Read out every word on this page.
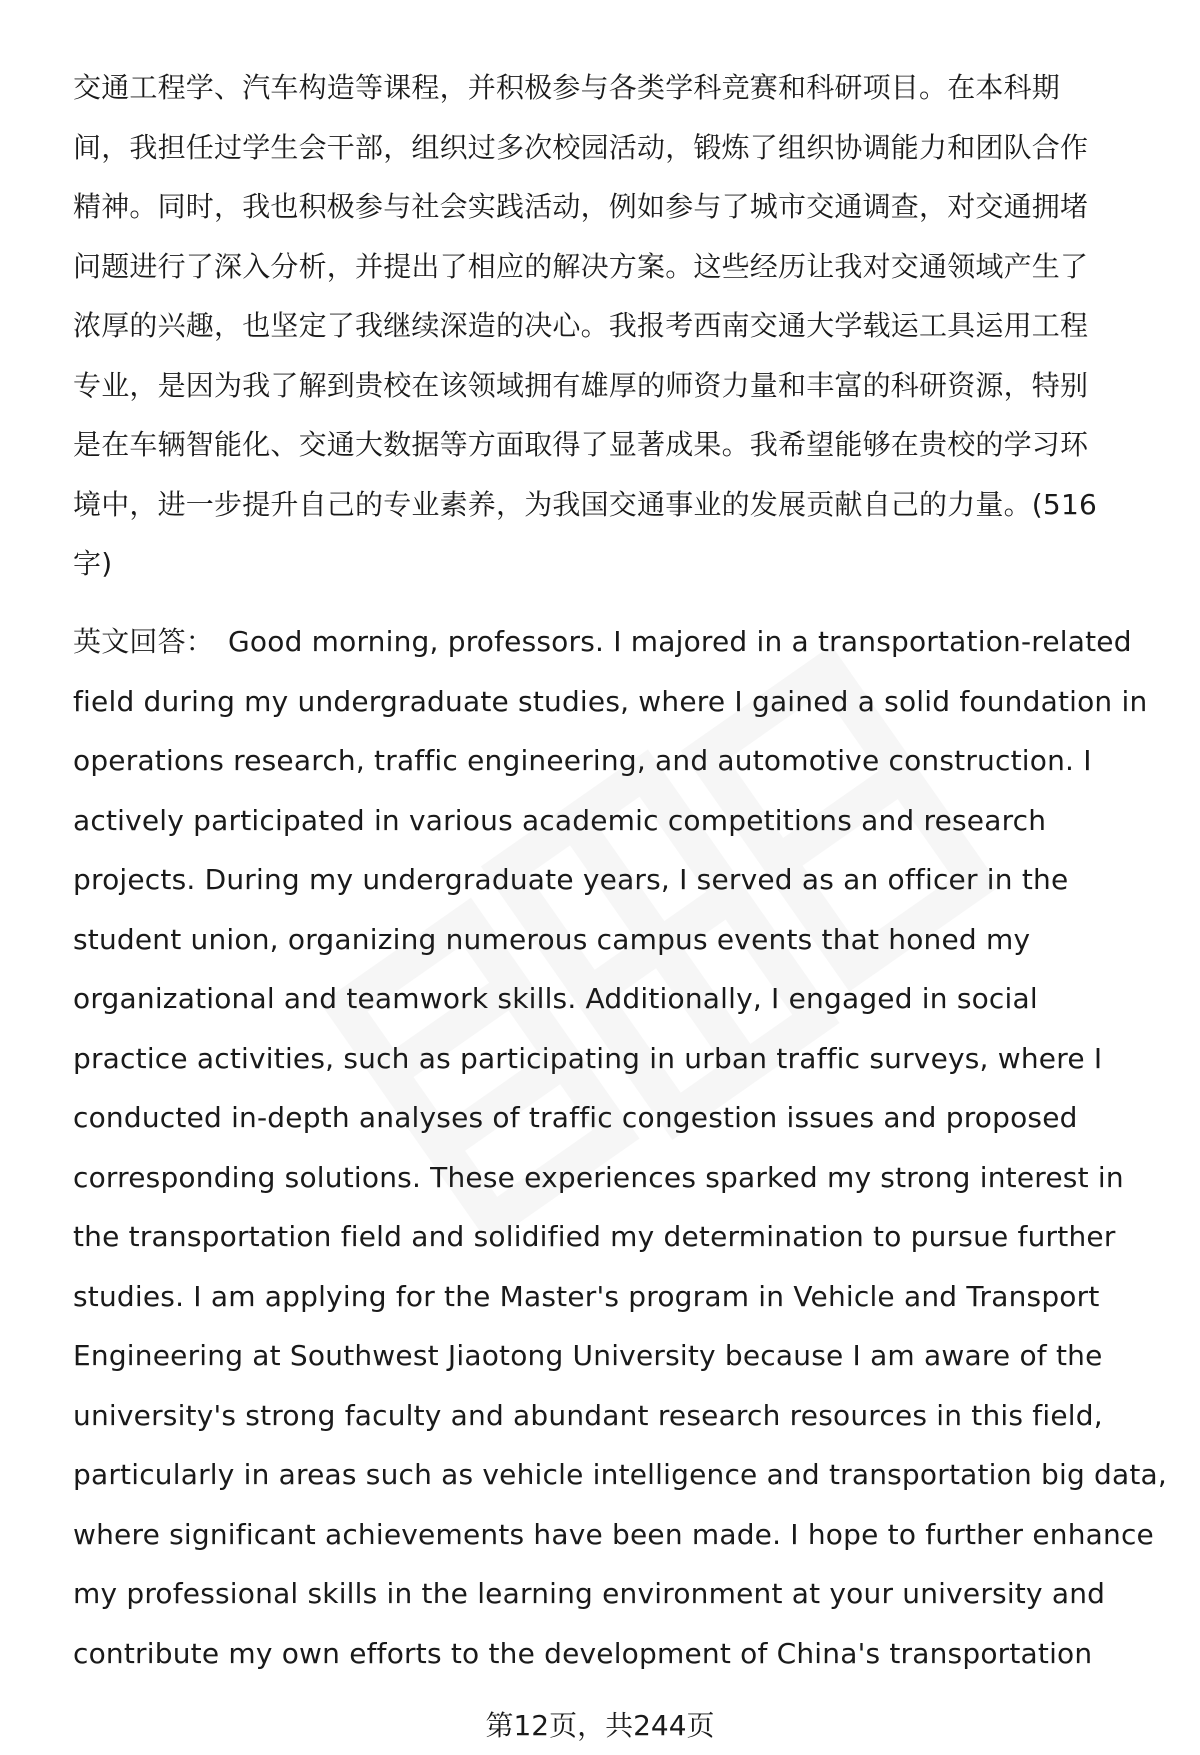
交通工程学、汽车构造等课程，并积极参与各类学科竞赛和科研项目。在本科期
间，我担任过学生会干部，组织过多次校园活动，锻炼了组织协调能力和团队合作
精神。同时，我也积极参与社会实践活动，例如参与了城市交通调查，对交通拥堵
问题进行了深入分析，并提出了相应的解决方案。这些经历让我对交通领域产生了
浓厚的兴趣，也坚定了我继续深造的决心。我报考西南交通大学载运工具运用工程
专业，是因为我了解到贵校在该领域拥有雄厚的师资力量和丰富的科研资源，特别
是在车辆智能化、交通大数据等方面取得了显著成果。我希望能够在贵校的学习环
境中，进一步提升自己的专业素养，为我国交通事业的发展贡献自己的力量。(516
字)
英文回答： Good morning, professors. I majored in a transportation-related
field during my undergraduate studies, where I gained a solid foundation in
operations research, traffic engineering, and automotive construction. I
actively participated in various academic competitions and research
projects. During my undergraduate years, I served as an officer in the
student union, organizing numerous campus events that honed my
organizational and teamwork skills. Additionally, I engaged in social
practice activities, such as participating in urban traffic surveys, where I
conducted in-depth analyses of traffic congestion issues and proposed
corresponding solutions. These experiences sparked my strong interest in
the transportation field and solidified my determination to pursue further
studies. I am applying for the Master's program in Vehicle and Transport
Engineering at Southwest Jiaotong University because I am aware of the
university's strong faculty and abundant research resources in this field,
particularly in areas such as vehicle intelligence and transportation big data,
where significant achievements have been made. I hope to further enhance
my professional skills in the learning environment at your university and
contribute my own efforts to the development of China's transportation
第12页，共244页
